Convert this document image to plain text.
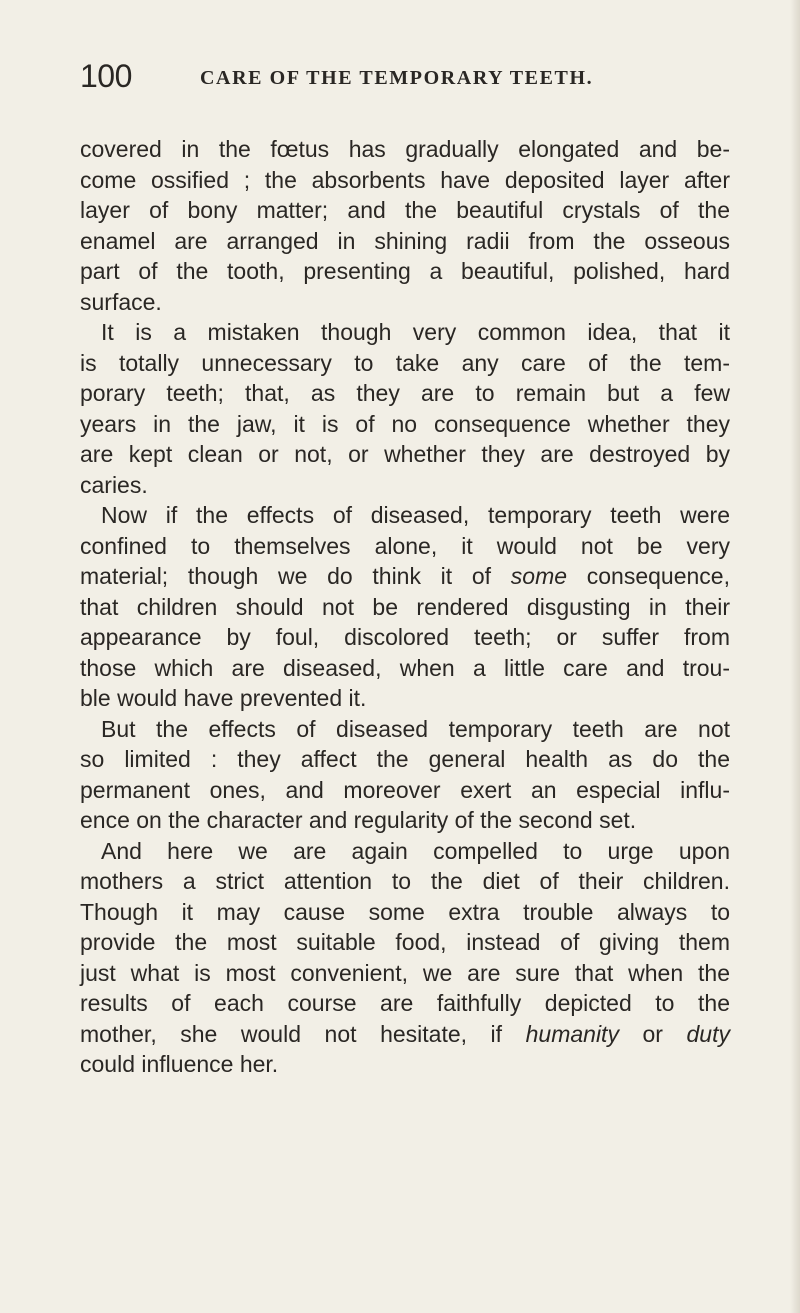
100	CARE OF THE TEMPORARY TEETH.
covered in the fœtus has gradually elongated and be-
come ossified ; the absorbents have deposited layer after
layer of bony matter; and the beautiful crystals of the
enamel are arranged in shining radii from the osseous
part of the tooth, presenting a beautiful, polished, hard
surface.
It is a mistaken though very common idea, that it
is totally unnecessary to take any care of the tem-
porary teeth; that, as they are to remain but a few
years in the jaw, it is of no consequence whether they
are kept clean or not, or whether they are destroyed by
caries.
Now if the effects of diseased, temporary teeth were
confined to themselves alone, it would not be very
material; though we do think it of some consequence,
that children should not be rendered disgusting in their
appearance by foul, discolored teeth; or suffer from
those which are diseased, when a little care and trou-
ble would have prevented it.
But the effects of diseased temporary teeth are not
so limited : they affect the general health as do the
permanent ones, and moreover exert an especial influ-
ence on the character and regularity of the second set.
And here we are again compelled to urge upon
mothers a strict attention to the diet of their children.
Though it may cause some extra trouble always to
provide the most suitable food, instead of giving them
just what is most convenient, we are sure that when the
results of each course are faithfully depicted to the
mother, she would not hesitate, if humanity or duty
could influence her.
